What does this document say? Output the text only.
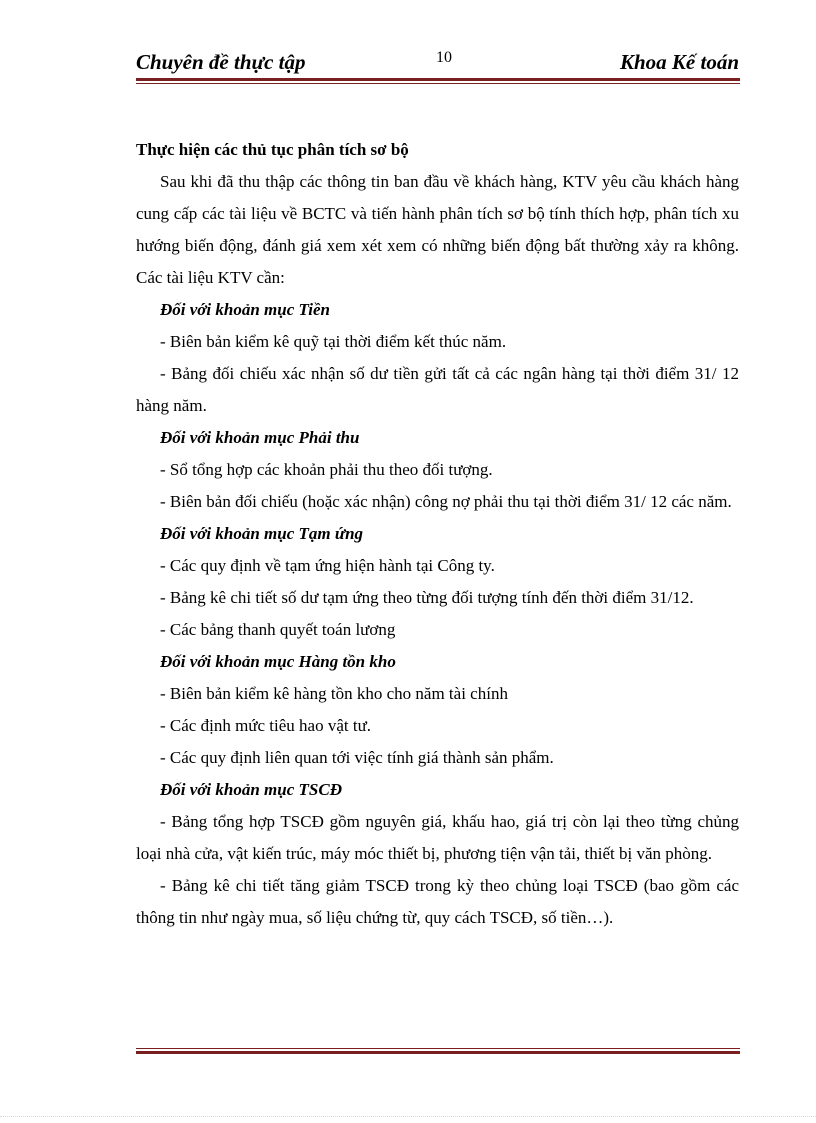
Chuyên đề thực tập	10	Khoa Kế toán

Thực hiện các thủ tục phân tích sơ bộ

Sau khi đã thu thập các thông tin ban đầu về khách hàng, KTV yêu cầu khách hàng cung cấp các tài liệu về BCTC và tiến hành phân tích sơ bộ tính thích hợp, phân tích xu hướng biến động, đánh giá xem xét xem có những biến động bất thường xảy ra không. Các tài liệu KTV cần:

Đối với khoản mục Tiền

- Biên bản kiểm kê quỹ tại thời điểm kết thúc năm.

- Bảng đối chiếu xác nhận số dư tiền gửi tất cả các ngân hàng tại thời điểm 31/ 12 hàng năm.

Đối với khoản mục Phải thu

- Sổ tổng hợp các khoản phải thu theo đối tượng.

- Biên bản đối chiếu (hoặc xác nhận) công nợ phải thu tại thời điểm 31/ 12 các năm.

Đối với khoản mục Tạm ứng

- Các quy định về tạm ứng hiện hành tại Công ty.

- Bảng kê chi tiết số dư tạm ứng theo từng đối tượng tính đến thời điểm 31/12.

- Các bảng thanh quyết toán lương

Đối với khoản mục Hàng tồn kho

- Biên bản kiểm kê hàng tồn kho cho năm tài chính

- Các định mức tiêu hao vật tư.

- Các quy định liên quan tới việc tính giá thành sản phẩm.

Đối với khoản mục TSCĐ

- Bảng tổng hợp TSCĐ gồm nguyên giá, khấu hao, giá trị còn lại theo từng chủng loại nhà cửa, vật kiến trúc, máy móc thiết bị, phương tiện vận tải, thiết bị văn phòng.

- Bảng kê chi tiết tăng giảm TSCĐ trong kỳ theo chủng loại TSCĐ (bao gồm các thông tin như ngày mua, số liệu chứng từ, quy cách TSCĐ, số tiền…).
